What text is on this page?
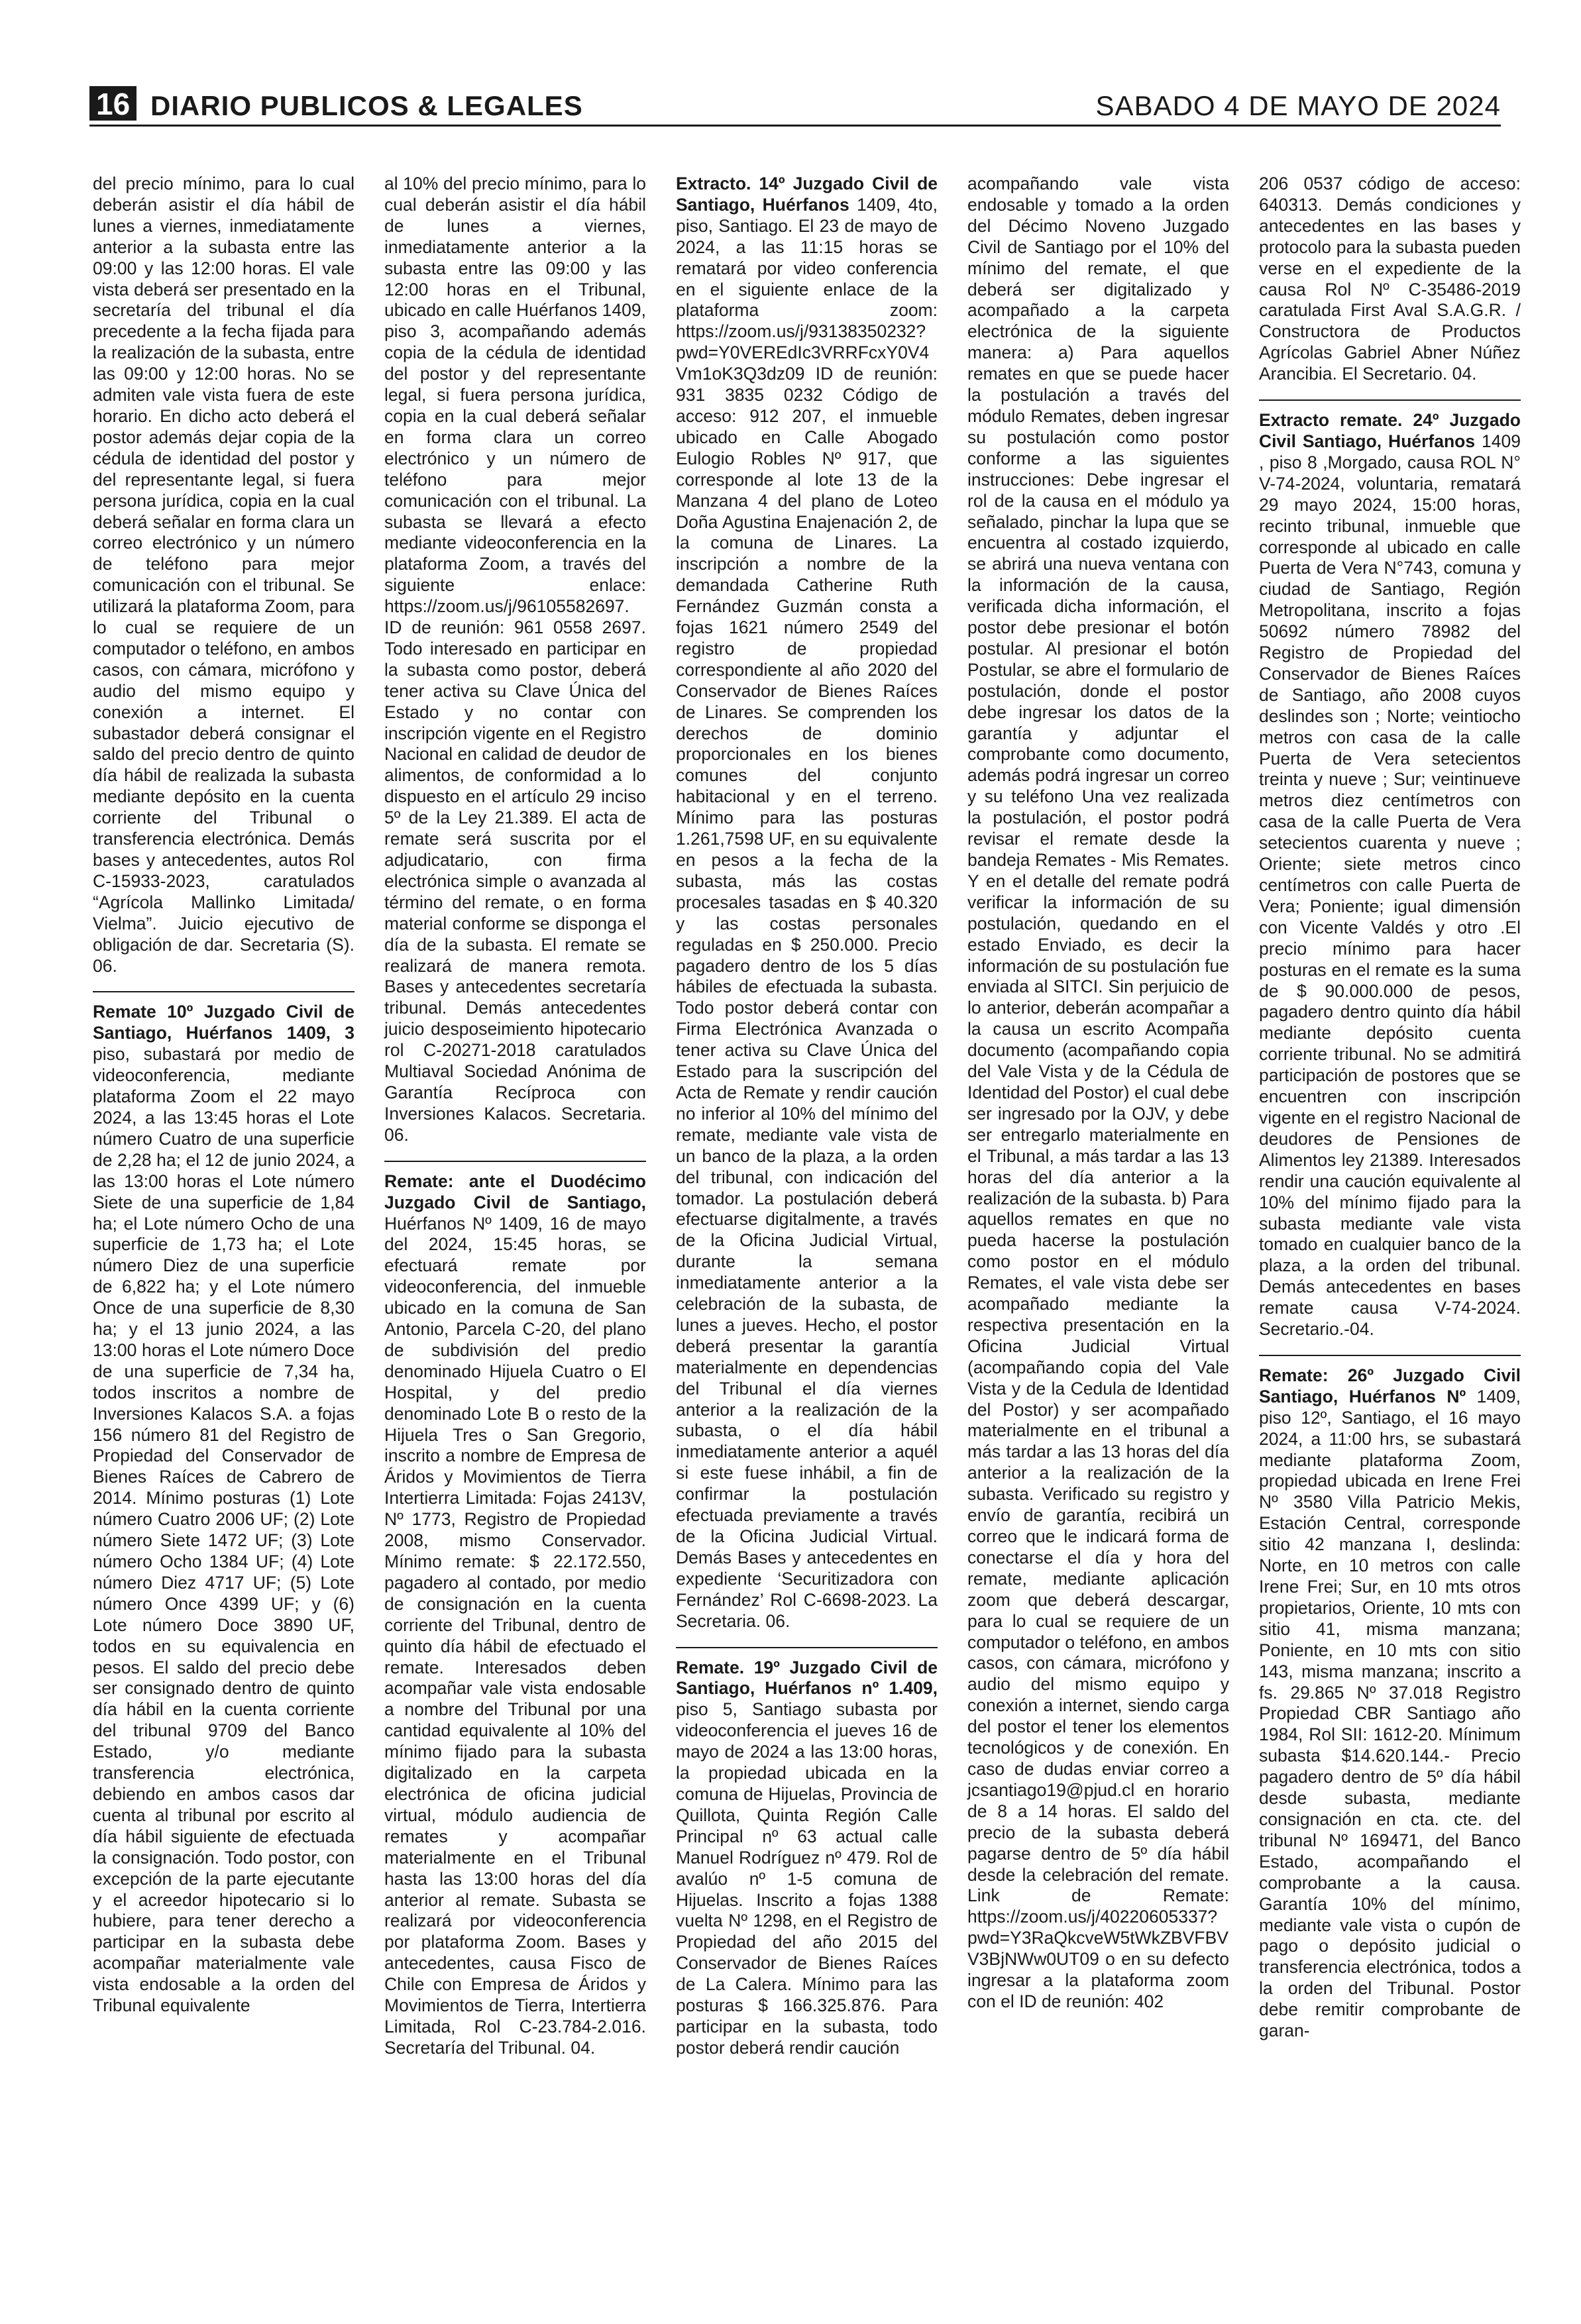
16 DIARIO PUBLICOS & LEGALES	SABADO 4 DE MAYO DE 2024

del precio mínimo, para lo cual deberán asistir el día hábil de lunes a viernes, inmediatamente anterior a la subasta entre las 09:00 y las 12:00 horas. El vale vista deberá ser presentado en la secretaría del tribunal el día precedente a la fecha fijada para la realización de la subasta, entre las 09:00 y 12:00 horas. No se admiten vale vista fuera de este horario. En dicho acto deberá el postor además dejar copia de la cédula de identidad del postor y del representante legal, si fuera persona jurídica, copia en la cual deberá señalar en forma clara un correo electrónico y un número de teléfono para mejor comunicación con el tribunal. Se utilizará la plataforma Zoom, para lo cual se requiere de un computador o teléfono, en ambos casos, con cámara, micrófono y audio del mismo equipo y conexión a internet. El subastador deberá consignar el saldo del precio dentro de quinto día hábil de realizada la subasta mediante depósito en la cuenta corriente del Tribunal o transferencia electrónica. Demás bases y antecedentes, autos Rol C-15933-2023, caratulados “Agrícola Mallinko Limitada/ Vielma”. Juicio ejecutivo de obligación de dar. Secretaria (S). 06.

Remate 10º Juzgado Civil de Santiago, Huérfanos 1409, 3 piso, subastará por medio de videoconferencia, mediante plataforma Zoom el 22 mayo 2024, a las 13:45 horas el Lote número Cuatro de una superficie de 2,28 ha; el 12 de junio 2024, a las 13:00 horas el Lote número Siete de una superficie de 1,84 ha; el Lote número Ocho de una superficie de 1,73 ha; el Lote número Diez de una superficie de 6,822 ha; y el Lote número Once de una superficie de 8,30 ha; y el 13 junio 2024, a las 13:00 horas el Lote número Doce de una superficie de 7,34 ha, todos inscritos a nombre de Inversiones Kalacos S.A. a fojas 156 número 81 del Registro de Propiedad del Conservador de Bienes Raíces de Cabrero de 2014. Mínimo posturas (1) Lote número Cuatro 2006 UF; (2) Lote número Siete 1472 UF; (3) Lote número Ocho 1384 UF; (4) Lote número Diez 4717 UF; (5) Lote número Once 4399 UF; y (6) Lote número Doce 3890 UF, todos en su equivalencia en pesos. El saldo del precio debe ser consignado dentro de quinto día hábil en la cuenta corriente del tribunal 9709 del Banco Estado, y/o mediante transferencia electrónica, debiendo en ambos casos dar cuenta al tribunal por escrito al día hábil siguiente de efectuada la consignación. Todo postor, con excepción de la parte ejecutante y el acreedor hipotecario si lo hubiere, para tener derecho a participar en la subasta debe acompañar materialmente vale vista endosable a la orden del Tribunal equivalente

al 10% del precio mínimo, para lo cual deberán asistir el día hábil de lunes a viernes, inmediatamente anterior a la subasta entre las 09:00 y las 12:00 horas en el Tribunal, ubicado en calle Huérfanos 1409, piso 3, acompañando además copia de la cédula de identidad del postor y del representante legal, si fuera persona jurídica, copia en la cual deberá señalar en forma clara un correo electrónico y un número de teléfono para mejor comunicación con el tribunal. La subasta se llevará a efecto mediante videoconferencia en la plataforma Zoom, a través del siguiente enlace: https://zoom.us/j/96105582697. ID de reunión: 961 0558 2697. Todo interesado en participar en la subasta como postor, deberá tener activa su Clave Única del Estado y no contar con inscripción vigente en el Registro Nacional en calidad de deudor de alimentos, de conformidad a lo dispuesto en el artículo 29 inciso 5º de la Ley 21.389. El acta de remate será suscrita por el adjudicatario, con firma electrónica simple o avanzada al término del remate, o en forma material conforme se disponga el día de la subasta. El remate se realizará de manera remota. Bases y antecedentes secretaría tribunal. Demás antecedentes juicio desposeimiento hipotecario rol C-20271-2018 caratulados Multiaval Sociedad Anónima de Garantía Recíproca con Inversiones Kalacos. Secretaria. 06.

Remate: ante el Duodécimo Juzgado Civil de Santiago, Huérfanos Nº 1409, 16 de mayo del 2024, 15:45 horas, se efectuará remate por videoconferencia, del inmueble ubicado en la comuna de San Antonio, Parcela C-20, del plano de subdivisión del predio denominado Hijuela Cuatro o El Hospital, y del predio denominado Lote B o resto de la Hijuela Tres o San Gregorio, inscrito a nombre de Empresa de Áridos y Movimientos de Tierra Intertierra Limitada: Fojas 2413V, Nº 1773, Registro de Propiedad 2008, mismo Conservador. Mínimo remate: $ 22.172.550, pagadero al contado, por medio de consignación en la cuenta corriente del Tribunal, dentro de quinto día hábil de efectuado el remate. Interesados deben acompañar vale vista endosable a nombre del Tribunal por una cantidad equivalente al 10% del mínimo fijado para la subasta digitalizado en la carpeta electrónica de oficina judicial virtual, módulo audiencia de remates y acompañar materialmente en el Tribunal hasta las 13:00 horas del día anterior al remate. Subasta se realizará por videoconferencia por plataforma Zoom. Bases y antecedentes, causa Fisco de Chile con Empresa de Áridos y Movimientos de Tierra, Intertierra Limitada, Rol C-23.784-2.016. Secretaría del Tribunal. 04.

Extracto. 14º Juzgado Civil de Santiago, Huérfanos 1409, 4to, piso, Santiago. El 23 de mayo de 2024, a las 11:15 horas se rematará por video conferencia en el siguiente enlace de la plataforma zoom: https://zoom.us/j/93138350232?pwd=Y0VEREdIc3VRRFcxY0V4Vm1oK3Q3dz09 ID de reunión: 931 3835 0232 Código de acceso: 912 207, el inmueble ubicado en Calle Abogado Eulogio Robles Nº 917, que corresponde al lote 13 de la Manzana 4 del plano de Loteo Doña Agustina Enajenación 2, de la comuna de Linares. La inscripción a nombre de la demandada Catherine Ruth Fernández Guzmán consta a fojas 1621 número 2549 del registro de propiedad correspondiente al año 2020 del Conservador de Bienes Raíces de Linares. Se comprenden los derechos de dominio proporcionales en los bienes comunes del conjunto habitacional y en el terreno. Mínimo para las posturas 1.261,7598 UF, en su equivalente en pesos a la fecha de la subasta, más las costas procesales tasadas en $ 40.320 y las costas personales reguladas en $ 250.000. Precio pagadero dentro de los 5 días hábiles de efectuada la subasta. Todo postor deberá contar con Firma Electrónica Avanzada o tener activa su Clave Única del Estado para la suscripción del Acta de Remate y rendir caución no inferior al 10% del mínimo del remate, mediante vale vista de un banco de la plaza, a la orden del tribunal, con indicación del tomador. La postulación deberá efectuarse digitalmente, a través de la Oficina Judicial Virtual, durante la semana inmediatamente anterior a la celebración de la subasta, de lunes a jueves. Hecho, el postor deberá presentar la garantía materialmente en dependencias del Tribunal el día viernes anterior a la realización de la subasta, o el día hábil inmediatamente anterior a aquél si este fuese inhábil, a fin de confirmar la postulación efectuada previamente a través de la Oficina Judicial Virtual. Demás Bases y antecedentes en expediente ‘Securitizadora con Fernández’ Rol C-6698-2023. La Secretaria. 06.

Remate. 19º Juzgado Civil de Santiago, Huérfanos nº 1.409, piso 5, Santiago subasta por videoconferencia el jueves 16 de mayo de 2024 a las 13:00 horas, la propiedad ubicada en la comuna de Hijuelas, Provincia de Quillota, Quinta Región Calle Principal nº 63 actual calle Manuel Rodríguez nº 479. Rol de avalúo nº 1-5 comuna de Hijuelas. Inscrito a fojas 1388 vuelta Nº 1298, en el Registro de Propiedad del año 2015 del Conservador de Bienes Raíces de La Calera. Mínimo para las posturas $ 166.325.876. Para participar en la subasta, todo postor deberá rendir caución

acompañando vale vista endosable y tomado a la orden del Décimo Noveno Juzgado Civil de Santiago por el 10% del mínimo del remate, el que deberá ser digitalizado y acompañado a la carpeta electrónica de la siguiente manera: a) Para aquellos remates en que se puede hacer la postulación a través del módulo Remates, deben ingresar su postulación como postor conforme a las siguientes instrucciones: Debe ingresar el rol de la causa en el módulo ya señalado, pinchar la lupa que se encuentra al costado izquierdo, se abrirá una nueva ventana con la información de la causa, verificada dicha información, el postor debe presionar el botón postular. Al presionar el botón Postular, se abre el formulario de postulación, donde el postor debe ingresar los datos de la garantía y adjuntar el comprobante como documento, además podrá ingresar un correo y su teléfono Una vez realizada la postulación, el postor podrá revisar el remate desde la bandeja Remates - Mis Remates. Y en el detalle del remate podrá verificar la información de su postulación, quedando en el estado Enviado, es decir la información de su postulación fue enviada al SITCI. Sin perjuicio de lo anterior, deberán acompañar a la causa un escrito Acompaña documento (acompañando copia del Vale Vista y de la Cédula de Identidad del Postor) el cual debe ser ingresado por la OJV, y debe ser entregarlo materialmente en el Tribunal, a más tardar a las 13 horas del día anterior a la realización de la subasta. b) Para aquellos remates en que no pueda hacerse la postulación como postor en el módulo Remates, el vale vista debe ser acompañado mediante la respectiva presentación en la Oficina Judicial Virtual (acompañando copia del Vale Vista y de la Cedula de Identidad del Postor) y ser acompañado materialmente en el tribunal a más tardar a las 13 horas del día anterior a la realización de la subasta. Verificado su registro y envío de garantía, recibirá un correo que le indicará forma de conectarse el día y hora del remate, mediante aplicación zoom que deberá descargar, para lo cual se requiere de un computador o teléfono, en ambos casos, con cámara, micrófono y audio del mismo equipo y conexión a internet, siendo carga del postor el tener los elementos tecnológicos y de conexión. En caso de dudas enviar correo a jcsantiago19@pjud.cl en horario de 8 a 14 horas. El saldo del precio de la subasta deberá pagarse dentro de 5º día hábil desde la celebración del remate. Link de Remate: https://zoom.us/j/40220605337?pwd=Y3RaQkcveW5tWkZBVFBVV3BjNWw0UT09 o en su defecto ingresar a la plataforma zoom con el ID de reunión: 402

206 0537 código de acceso: 640313. Demás condiciones y antecedentes en las bases y protocolo para la subasta pueden verse en el expediente de la causa Rol Nº C-35486-2019 caratulada First Aval S.A.G.R. / Constructora de Productos Agrícolas Gabriel Abner Núñez Arancibia. El Secretario. 04.

Extracto remate. 24º Juzgado Civil Santiago, Huérfanos 1409 , piso 8 ,Morgado, causa ROL N° V-74-2024, voluntaria, rematará 29 mayo 2024, 15:00 horas, recinto tribunal, inmueble que corresponde al ubicado en calle Puerta de Vera N°743, comuna y ciudad de Santiago, Región Metropolitana, inscrito a fojas 50692 número 78982 del Registro de Propiedad del Conservador de Bienes Raíces de Santiago, año 2008 cuyos deslindes son ; Norte; veintiocho metros con casa de la calle Puerta de Vera setecientos treinta y nueve ; Sur; veintinueve metros diez centímetros con casa de la calle Puerta de Vera setecientos cuarenta y nueve ; Oriente; siete metros cinco centímetros con calle Puerta de Vera; Poniente; igual dimensión con Vicente Valdés y otro .El precio mínimo para hacer posturas en el remate es la suma de $ 90.000.000 de pesos, pagadero dentro quinto día hábil mediante depósito cuenta corriente tribunal. No se admitirá participación de postores que se encuentren con inscripción vigente en el registro Nacional de deudores de Pensiones de Alimentos ley 21389. Interesados rendir una caución equivalente al 10% del mínimo fijado para la subasta mediante vale vista tomado en cualquier banco de la plaza, a la orden del tribunal. Demás antecedentes en bases remate causa V-74-2024. Secretario.-04.

Remate: 26º Juzgado Civil Santiago, Huérfanos Nº 1409, piso 12º, Santiago, el 16 mayo 2024, a 11:00 hrs, se subastará mediante plataforma Zoom, propiedad ubicada en Irene Frei Nº 3580 Villa Patricio Mekis, Estación Central, corresponde sitio 42 manzana I, deslinda: Norte, en 10 metros con calle Irene Frei; Sur, en 10 mts otros propietarios, Oriente, 10 mts con sitio 41, misma manzana; Poniente, en 10 mts con sitio 143, misma manzana; inscrito a fs. 29.865 Nº 37.018 Registro Propiedad CBR Santiago año 1984, Rol SII: 1612-20. Mínimum subasta $14.620.144.- Precio pagadero dentro de 5º día hábil desde subasta, mediante consignación en cta. cte. del tribunal Nº 169471, del Banco Estado, acompañando el comprobante a la causa. Garantía 10% del mínimo, mediante vale vista o cupón de pago o depósito judicial o transferencia electrónica, todos a la orden del Tribunal. Postor debe remitir comprobante de garan-
